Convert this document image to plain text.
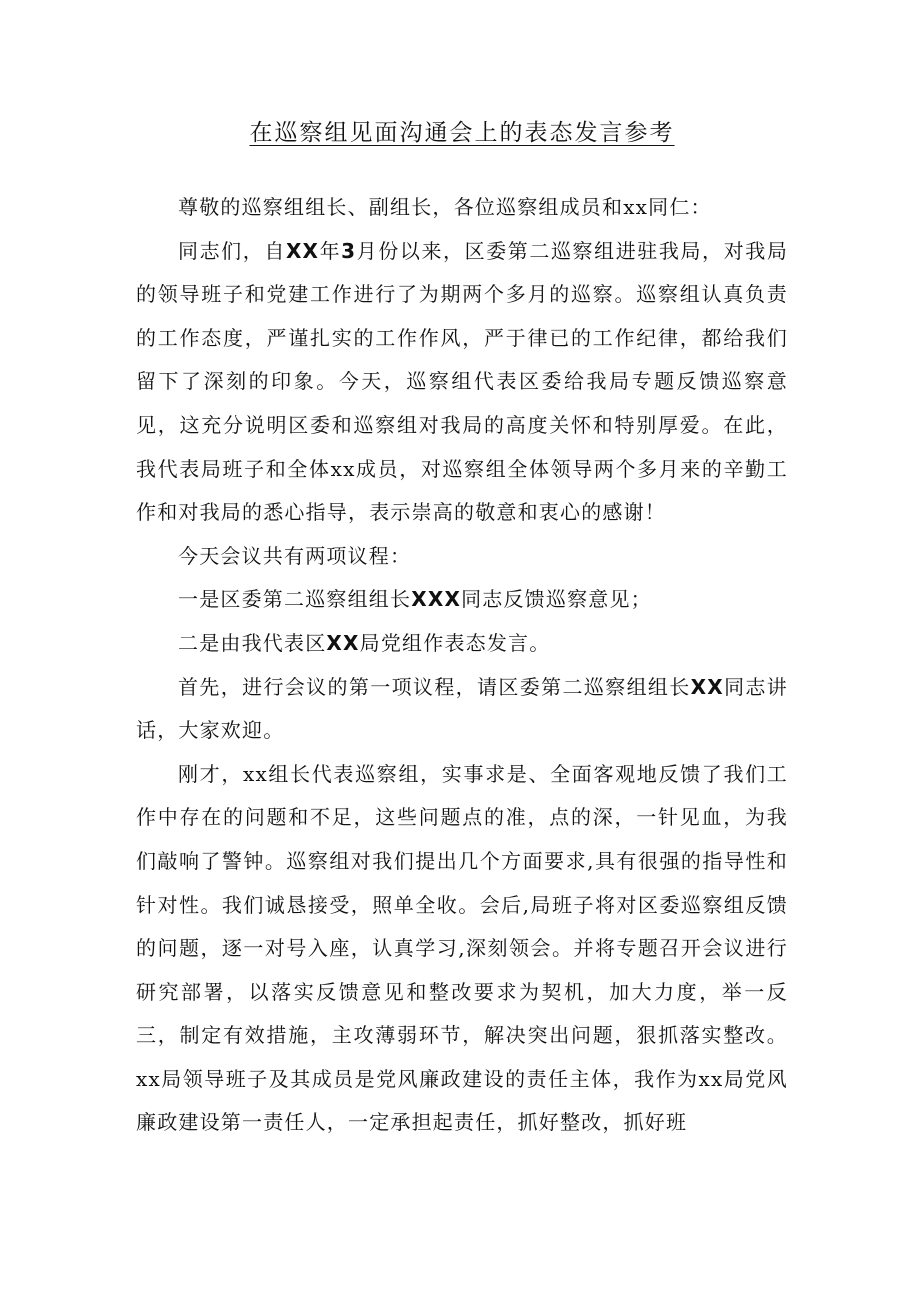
在巡察组见面沟通会上的表态发言参考

尊敬的巡察组组长、副组长，各位巡察组成员和xx同仁：

同志们，自XX年3月份以来，区委第二巡察组进驻我局，对我局的领导班子和党建工作进行了为期两个多月的巡察。巡察组认真负责的工作态度，严谨扎实的工作作风，严于律已的工作纪律，都给我们留下了深刻的印象。今天，巡察组代表区委给我局专题反馈巡察意见，这充分说明区委和巡察组对我局的高度关怀和特别厚爱。在此，我代表局班子和全体xx成员，对巡察组全体领导两个多月来的辛勤工作和对我局的悉心指导，表示崇高的敬意和衷心的感谢！

今天会议共有两项议程：

一是区委第二巡察组组长XXX同志反馈巡察意见；

二是由我代表区XX局党组作表态发言。

首先，进行会议的第一项议程，请区委第二巡察组组长XX同志讲话，大家欢迎。

刚才，xx组长代表巡察组，实事求是、全面客观地反馈了我们工作中存在的问题和不足，这些问题点的准，点的深，一针见血，为我们敲响了警钟。巡察组对我们提出几个方面要求,具有很强的指导性和针对性。我们诚恳接受，照单全收。会后,局班子将对区委巡察组反馈的问题，逐一对号入座，认真学习,深刻领会。并将专题召开会议进行研究部署，以落实反馈意见和整改要求为契机，加大力度，举一反三，制定有效措施，主攻薄弱环节，解决突出问题，狠抓落实整改。xx局领导班子及其成员是党风廉政建设的责任主体，我作为xx局党风廉政建设第一责任人，一定承担起责任，抓好整改，抓好班
